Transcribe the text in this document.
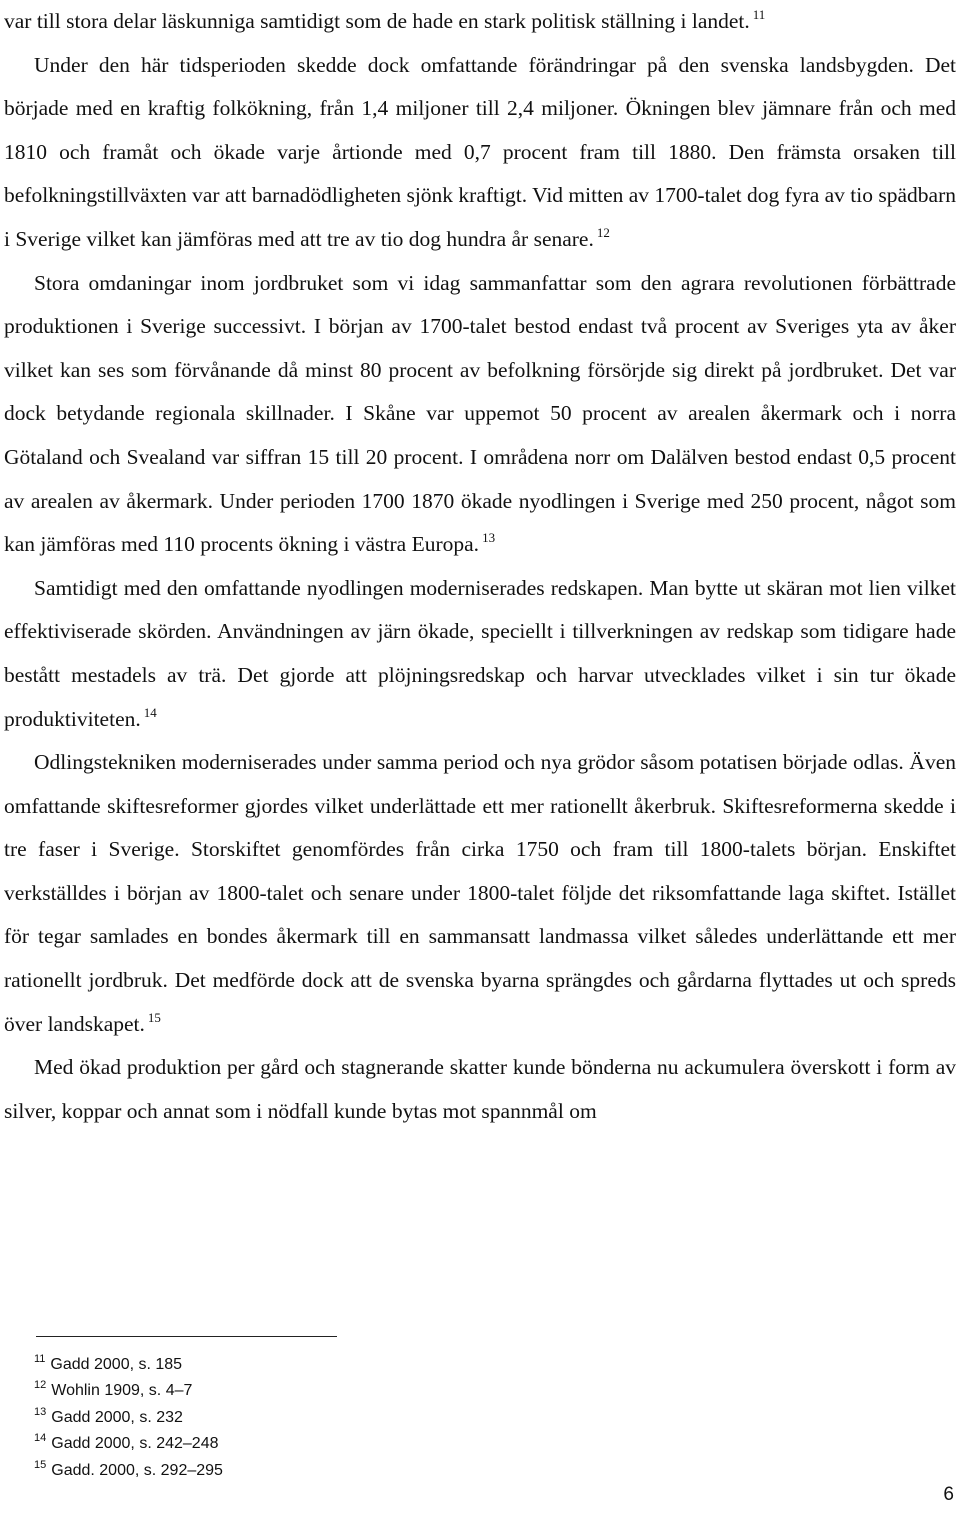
var till stora delar läskunniga samtidigt som de hade en stark politisk ställning i landet. $^{11}$

Under den här tidsperioden skedde dock omfattande förändringar på den svenska landsbygden. Det började med en kraftig folkökning, från 1,4 miljoner till 2,4 miljoner. Ökningen blev jämnare från och med 1810 och framåt och ökade varje årtionde med 0,7 procent fram till 1880. Den främsta orsaken till befolkningstillväxten var att barnadödligheten sjönk kraftigt. Vid mitten av 1700-talet dog fyra av tio spädbarn i Sverige vilket kan jämföras med att tre av tio dog hundra år senare. $^{12}$

Stora omdaningar inom jordbruket som vi idag sammanfattar som den agrara revolutionen förbättrade produktionen i Sverige successivt. I början av 1700-talet bestod endast två procent av Sveriges yta av åker vilket kan ses som förvånande då minst 80 procent av befolkning försörjde sig direkt på jordbruket. Det var dock betydande regionala skillnader. I Skåne var uppemot 50 procent av arealen åkermark och i norra Götaland och Svealand var siffran 15 till 20 procent. I områdena norr om Dalälven bestod endast 0,5 procent av arealen av åkermark. Under perioden 1700 1870 ökade nyodlingen i Sverige med 250 procent, något som kan jämföras med 110 procents ökning i västra Europa. $^{13}$

Samtidigt med den omfattande nyodlingen moderniserades redskapen. Man bytte ut skäran mot lien vilket effektiviserade skörden. Användningen av järn ökade, speciellt i tillverkningen av redskap som tidigare hade bestått mestadels av trä. Det gjorde att plöjningsredskap och harvar utvecklades vilket i sin tur ökade produktiviteten. $^{14}$

Odlingstekniken moderniserades under samma period och nya grödor såsom potatisen började odlas. Även omfattande skiftesreformer gjordes vilket underlättade ett mer rationellt åkerbruk. Skiftesreformerna skedde i tre faser i Sverige. Storskiftet genomfördes från cirka 1750 och fram till 1800-talets början. Enskiftet verkställdes i början av 1800-talet och senare under 1800-talet följde det riksomfattande laga skiftet. Istället för tegar samlades en bondes åkermark till en sammansatt landmassa vilket således underlättande ett mer rationellt jordbruk. Det medförde dock att de svenska byarna sprängdes och gårdarna flyttades ut och spreds över landskapet. $^{15}$

Med ökad produktion per gård och stagnerande skatter kunde bönderna nu ackumulera överskott i form av silver, koppar och annat som i nödfall kunde bytas mot spannmål om

$^{11}$ Gadd 2000, s. 185
$^{12}$ Wohlin 1909, s. 4–7
$^{13}$ Gadd 2000, s. 232
$^{14}$ Gadd 2000, s. 242–248
$^{15}$ Gadd. 2000, s. 292–295
6
